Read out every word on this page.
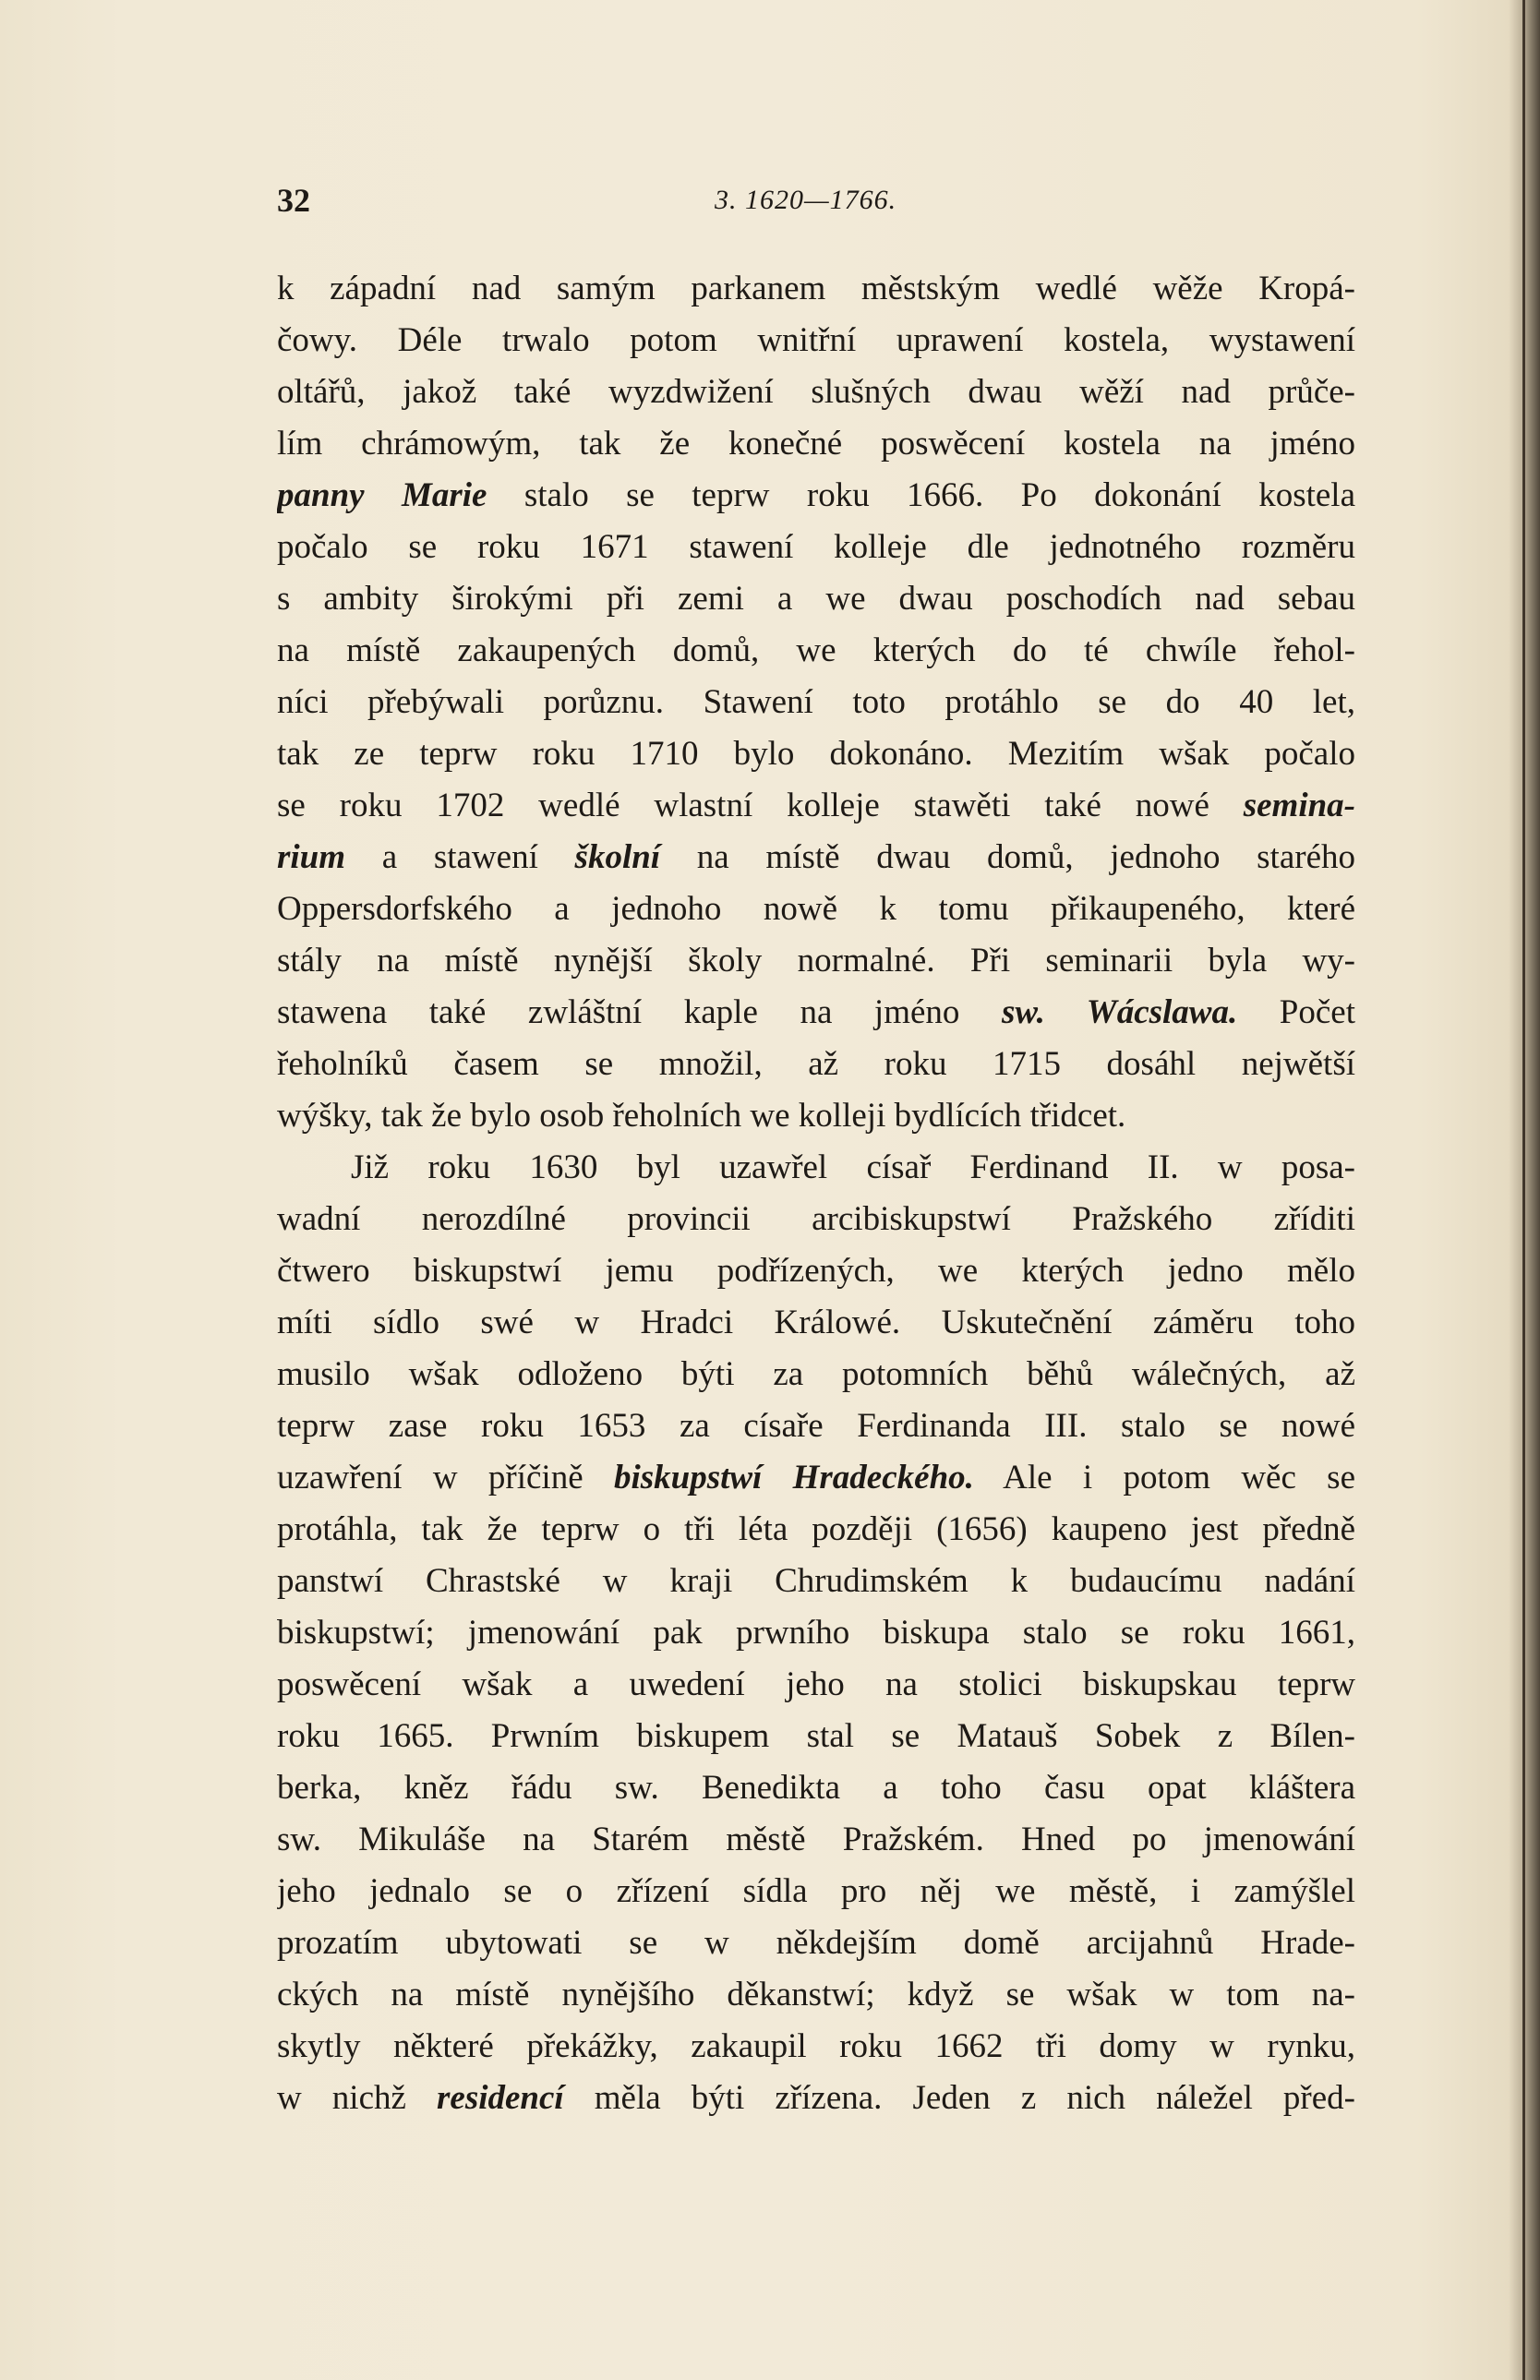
32	3. 1620—1766.
k západní nad samým parkanem městským wedlé wěže Kropá-
čowy. Déle trwalo potom wnitřní uprawení kostela, wystawení
oltářů, jakož také wyzdwižení slušných dwau wěží nad průče-
lím chrámowým, tak že konečné poswěcení kostela na jméno
panny Marie stalo se teprw roku 1666. Po dokonání kostela
počalo se roku 1671 stawení kolleje dle jednotného rozměru
s ambity širokými při zemi a we dwau poschodích nad sebau
na místě zakaupených domů, we kterých do té chwíle řehol-
níci přebýwali porůznu. Stawení toto protáhlo se do 40 let,
tak ze teprw roku 1710 bylo dokonáno. Mezitím wšak počalo
se roku 1702 wedlé wlastní kolleje stawěti také nowé semina-
rium a stawení školní na místě dwau domů, jednoho starého
Oppersdorfského a jednoho nowě k tomu přikaupeného, které
stály na místě nynější školy normalné. Při seminarii byla wy-
stawena také zwláštní kaple na jméno sw. Wácslawa. Počet
řeholníků časem se množil, až roku 1715 dosáhl nejwětší
wýšky, tak že bylo osob řeholních we kolleji bydlících třidcet.
Již roku 1630 byl uzawřel císař Ferdinand II. w posa-
wadní nerozdílné provincii arcibiskupstwí Pražského zříditi
čtwero biskupstwí jemu podřízených, we kterých jedno mělo
míti sídlo swé w Hradci Králowé. Uskutečnění záměru toho
musilo wšak odloženo býti za potomních běhů wálečných, až
teprw zase roku 1653 za císaře Ferdinanda III. stalo se nowé
uzawření w příčině biskupstwí Hradeckého. Ale i potom wěc se
protáhla, tak že teprw o tři léta později (1656) kaupeno jest předně
panstwí Chrastské w kraji Chrudimském k budaucímu nadání
biskupstwí; jmenowání pak prwního biskupa stalo se roku 1661,
poswěcení wšak a uwedení jeho na stolici biskupskau teprw
roku 1665. Prwním biskupem stal se Matauš Sobek z Bílen-
berka, kněz řádu sw. Benedikta a toho času opat kláštera
sw. Mikuláše na Starém městě Pražském. Hned po jmenowání
jeho jednalo se o zřízení sídla pro něj we městě, i zamýšlel
prozatím ubytowati se w někdejším domě arcijahnů Hrade-
ckých na místě nynějšího děkanstwí; když se wšak w tom na-
skytly některé překážky, zakaupil roku 1662 tři domy w rynku,
w nichž residencí měla býti zřízena. Jeden z nich náležel před-
